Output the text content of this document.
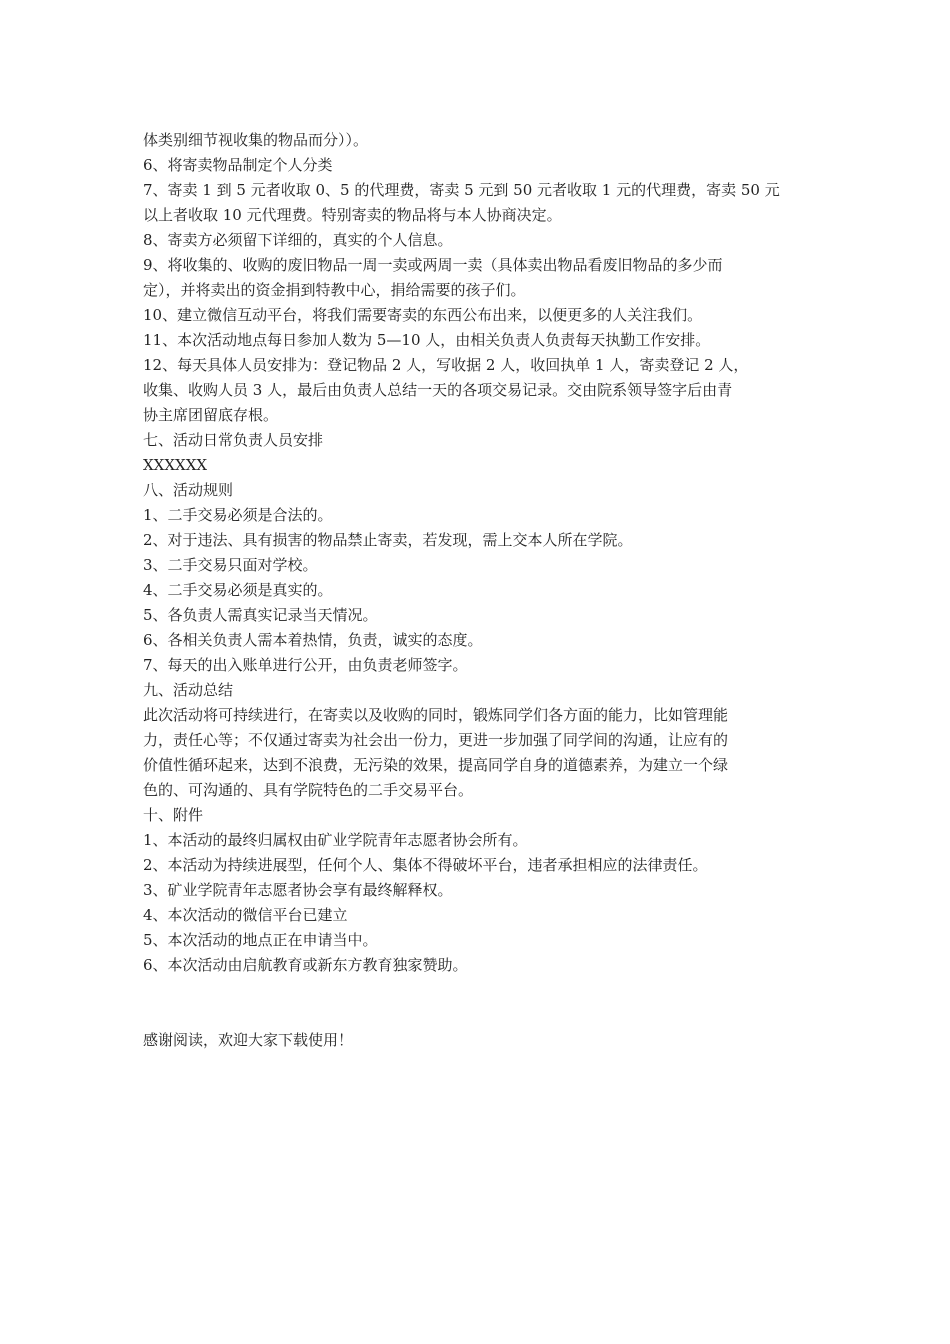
体类别细节视收集的物品而分））。
6、将寄卖物品制定个人分类
7、寄卖 1 到 5 元者收取 0、5 的代理费，寄卖 5 元到 50 元者收取 1 元的代理费，寄卖 50 元
以上者收取 10 元代理费。特别寄卖的物品将与本人协商决定。
8、寄卖方必须留下详细的，真实的个人信息。
9、将收集的、收购的废旧物品一周一卖或两周一卖（具体卖出物品看废旧物品的多少而
定），并将卖出的资金捐到特教中心，捐给需要的孩子们。
10、建立微信互动平台，将我们需要寄卖的东西公布出来，以便更多的人关注我们。
11、本次活动地点每日参加人数为 5—10 人，由相关负责人负责每天执勤工作安排。
12、每天具体人员安排为：登记物品 2 人，写收据 2 人，收回执单 1 人，寄卖登记 2 人，
收集、收购人员 3 人，最后由负责人总结一天的各项交易记录。交由院系领导签字后由青
协主席团留底存根。
七、活动日常负责人员安排
XXXXXX
八、活动规则
1、二手交易必须是合法的。
2、对于违法、具有损害的物品禁止寄卖，若发现，需上交本人所在学院。
3、二手交易只面对学校。
4、二手交易必须是真实的。
5、各负责人需真实记录当天情况。
6、各相关负责人需本着热情，负责，诚实的态度。
7、每天的出入账单进行公开，由负责老师签字。
九、活动总结
此次活动将可持续进行，在寄卖以及收购的同时，锻炼同学们各方面的能力，比如管理能
力，责任心等；不仅通过寄卖为社会出一份力，更进一步加强了同学间的沟通，让应有的
价值性循环起来，达到不浪费，无污染的效果，提高同学自身的道德素养，为建立一个绿
色的、可沟通的、具有学院特色的二手交易平台。
十、附件
1、本活动的最终归属权由矿业学院青年志愿者协会所有。
2、本活动为持续进展型，任何个人、集体不得破坏平台，违者承担相应的法律责任。
3、矿业学院青年志愿者协会享有最终解释权。
4、本次活动的微信平台已建立
5、本次活动的地点正在申请当中。
6、本次活动由启航教育或新东方教育独家赞助。
感谢阅读，欢迎大家下载使用！
